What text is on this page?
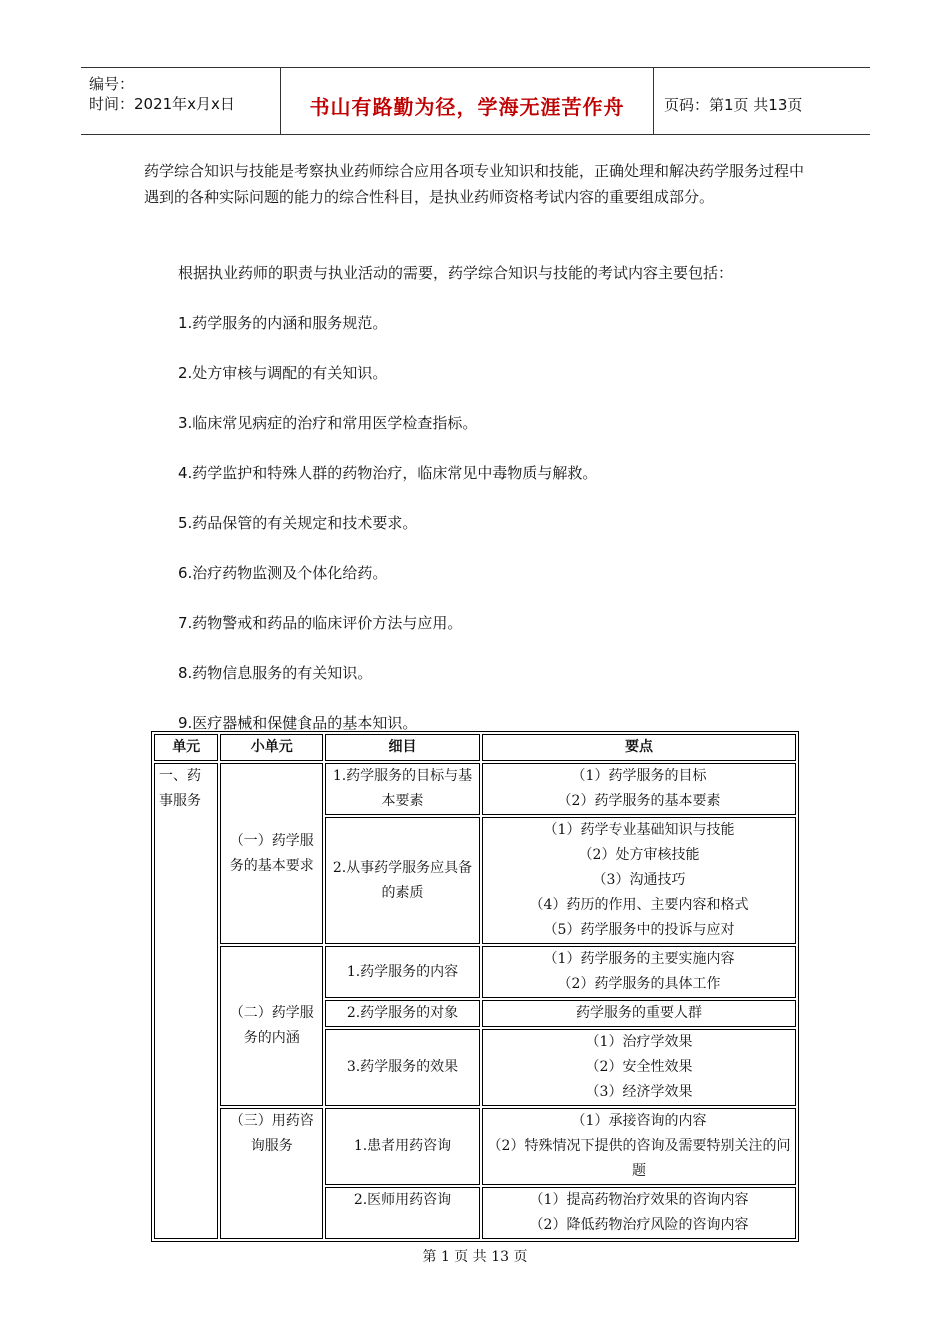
编号：
时间：2021年x月x日	书山有路勤为径，学海无涯苦作舟	页码：第1页 共13页

药学综合知识与技能是考察执业药师综合应用各项专业知识和技能，正确处理和解决药学服务过程中遇到的各种实际问题的能力的综合性科目，是执业药师资格考试内容的重要组成部分。

根据执业药师的职责与执业活动的需要，药学综合知识与技能的考试内容主要包括：

1.药学服务的内涵和服务规范。
2.处方审核与调配的有关知识。
3.临床常见病症的治疗和常用医学检查指标。
4.药学监护和特殊人群的药物治疗，临床常见中毒物质与解救。
5.药品保管的有关规定和技术要求。
6.治疗药物监测及个体化给药。
7.药物警戒和药品的临床评价方法与应用。
8.药物信息服务的有关知识。
9.医疗器械和保健食品的基本知识。
单元	小单元	细目	要点
一、药事服务	（一）药学服务的基本要求	1.药学服务的目标与基本要素	（1）药学服务的目标
（2）药学服务的基本要素

		2.从事药学服务应具备的素质	（1）药学专业基础知识与技能
（2）处方审核技能
（3）沟通技巧
（4）药历的作用、主要内容和格式
（5）药学服务中的投诉与应对

	（二）药学服务的内涵	1.药学服务的内容	（1）药学服务的主要实施内容
（2）药学服务的具体工作

		2.药学服务的对象	药学服务的重要人群

		3.药学服务的效果	（1）治疗学效果
（2）安全性效果
（3）经济学效果

	（三）用药咨询服务	1.患者用药咨询	（1）承接咨询的内容
（2）特殊情况下提供的咨询及需要特别关注的问题

		2.医师用药咨询	（1）提高药物治疗效果的咨询内容
（2）降低药物治疗风险的咨询内容
第 1 页 共 13 页
